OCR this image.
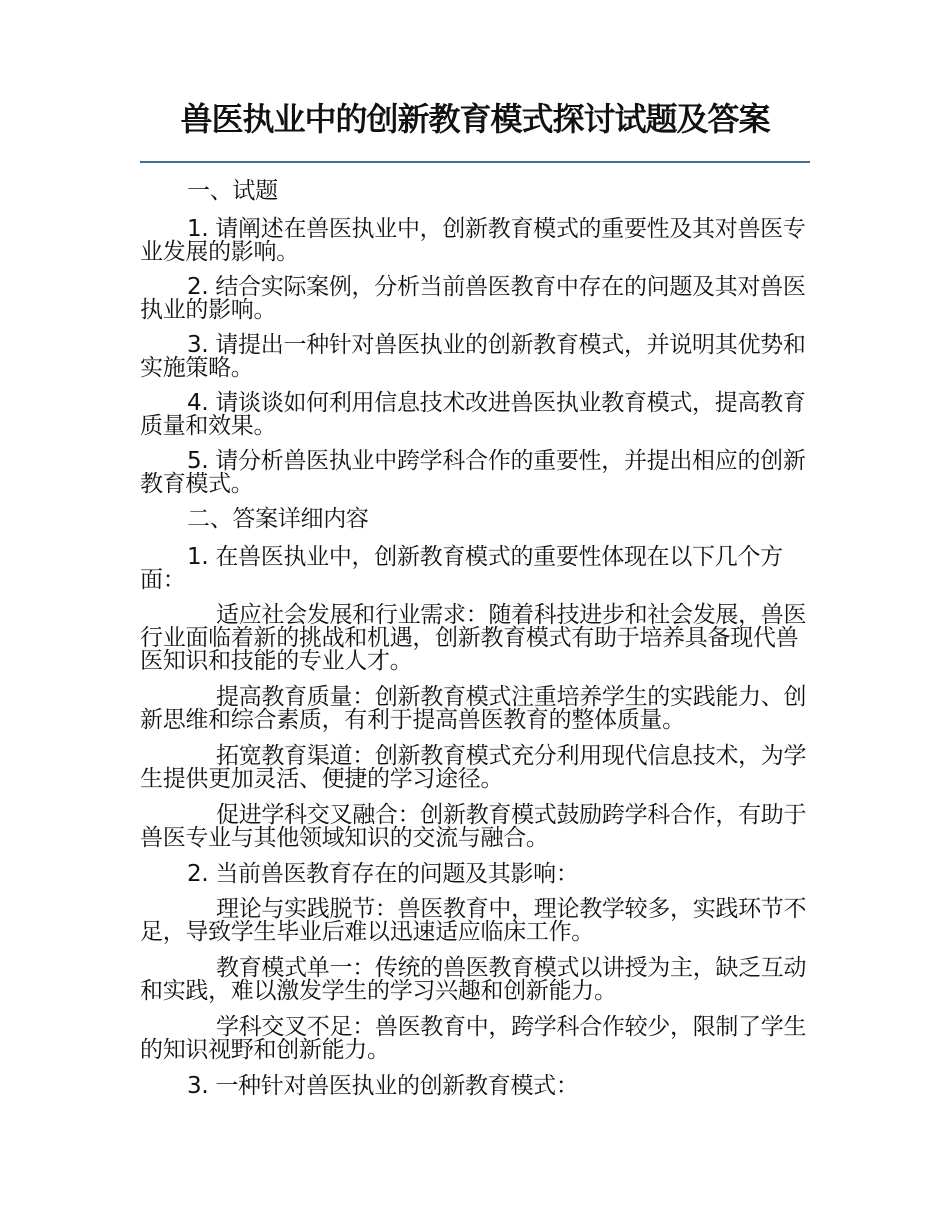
兽医执业中的创新教育模式探讨试题及答案

一、试题

1. 请阐述在兽医执业中，创新教育模式的重要性及其对兽医专业发展的影响。

2. 结合实际案例，分析当前兽医教育中存在的问题及其对兽医执业的影响。

3. 请提出一种针对兽医执业的创新教育模式，并说明其优势和实施策略。

4. 请谈谈如何利用信息技术改进兽医执业教育模式，提高教育质量和效果。

5. 请分析兽医执业中跨学科合作的重要性，并提出相应的创新教育模式。

二、答案详细内容

1. 在兽医执业中，创新教育模式的重要性体现在以下几个方面：

适应社会发展和行业需求：随着科技进步和社会发展，兽医行业面临着新的挑战和机遇，创新教育模式有助于培养具备现代兽医知识和技能的专业人才。

提高教育质量：创新教育模式注重培养学生的实践能力、创新思维和综合素质，有利于提高兽医教育的整体质量。

拓宽教育渠道：创新教育模式充分利用现代信息技术，为学生提供更加灵活、便捷的学习途径。

促进学科交叉融合：创新教育模式鼓励跨学科合作，有助于兽医专业与其他领域知识的交流与融合。

2. 当前兽医教育存在的问题及其影响：

理论与实践脱节：兽医教育中，理论教学较多，实践环节不足，导致学生毕业后难以迅速适应临床工作。

教育模式单一：传统的兽医教育模式以讲授为主，缺乏互动和实践，难以激发学生的学习兴趣和创新能力。

学科交叉不足：兽医教育中，跨学科合作较少，限制了学生的知识视野和创新能力。

3. 一种针对兽医执业的创新教育模式：
